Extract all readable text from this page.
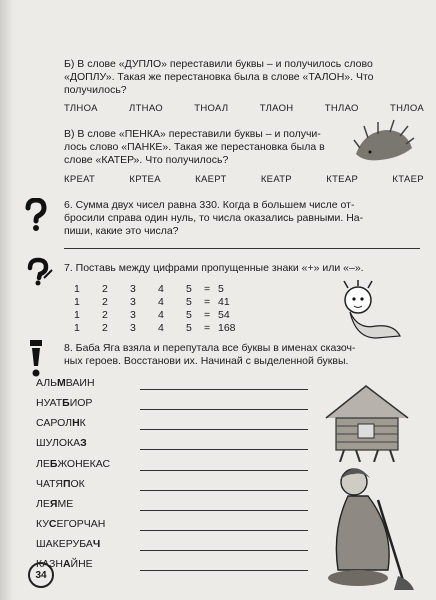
Б) В слове «ДУПЛО» переставили буквы – и получилось слово
«ДОПЛУ». Такая же перестановка была в слове «ТАЛОН». Что
получилось?
ТЛНОА	ЛТНАО	ТНОАЛ	ТЛАОН	ТНЛАО	ТНЛОА
В) В слове «ПЕНКА» переставили буквы – и получи-
лось слово «ПАНКЕ». Такая же перестановка была в
слове «КАТЕР». Что получилось?
КРЕАТ	КРТЕА	КАЕРТ	КЕАТР	КТЕАР	КТАЕР
6. Сумма двух чисел равна 330. Когда в большем числе от-
бросили справа один нуль, то числа оказались равными. На-
пиши, какие это числа?
7. Поставь между цифрами пропущенные знаки «+» или «–».
1	2	3	4	5	= 5
1	2	3	4	5	= 41
1	2	3	4	5	= 54
1	2	3	4	5	= 168
8. Баба Яга взяла и перепутала все буквы в именах сказоч-
ных героев. Восстанови их. Начинай с выделенной буквы.
АЛЬМВАИН
НУАТБИОР
САРОЛНК
ШУЛОКАЗ
ЛЕБЖОНЕКАС
ЧАТЯПОК
ЛЕЯМЕ
КУСЕГОРЧАН
ШАКЕРУБАЧ
КАЗНАЙНЕ
34
